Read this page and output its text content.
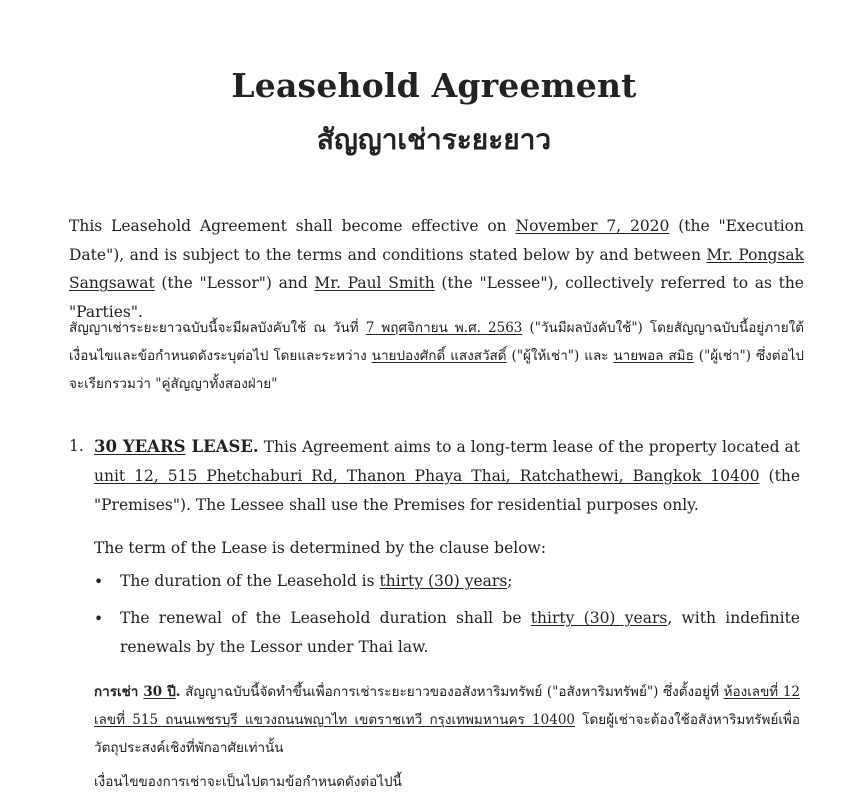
Leasehold Agreement
สัญญาเช่าระยะยาว

This Leasehold Agreement shall become effective on November 7, 2020 (the "Execution Date"), and is subject to the terms and conditions stated below by and between Mr. Pongsak Sangsawat (the "Lessor") and Mr. Paul Smith (the "Lessee"), collectively referred to as the "Parties".

สัญญาเช่าระยะยาวฉบับนี้จะมีผลบังคับใช้ ณ วันที่ 7 พฤศจิกายน พ.ศ. 2563 ("วันมีผลบังคับใช้") โดยสัญญาฉบับนี้อยู่ภายใต้เงื่อนไขและข้อกำหนดดังระบุต่อไป โดยและระหว่าง นายปองศักดิ์ แสงสวัสดิ์ ("ผู้ให้เช่า") และ นายพอล สมิธ ("ผู้เช่า") ซึ่งต่อไปจะเรียกรวมว่า "คู่สัญญาทั้งสองฝ่าย"

1. 30 YEARS LEASE. This Agreement aims to a long-term lease of the property located at unit 12, 515 Phetchaburi Rd, Thanon Phaya Thai, Ratchathewi, Bangkok 10400 (the "Premises"). The Lessee shall use the Premises for residential purposes only.

The term of the Lease is determined by the clause below:

• The duration of the Leasehold is thirty (30) years;

• The renewal of the Leasehold duration shall be thirty (30) years, with indefinite renewals by the Lessor under Thai law.

การเช่า 30 ปี. สัญญาฉบับนี้จัดทำขึ้นเพื่อการเช่าระยะยาวของอสังหาริมทรัพย์ ("อสังหาริมทรัพย์") ซึ่งตั้งอยู่ที่ ห้องเลขที่ 12 เลขที่ 515 ถนนเพชรบุรี แขวงถนนพญาไท เขตราชเทวี กรุงเทพมหานคร 10400 โดยผู้เช่าจะต้องใช้อสังหาริมทรัพย์เพื่อวัตถุประสงค์เชิงที่พักอาศัยเท่านั้น

เงื่อนไขของการเช่าจะเป็นไปตามข้อกำหนดดังต่อไปนี้
